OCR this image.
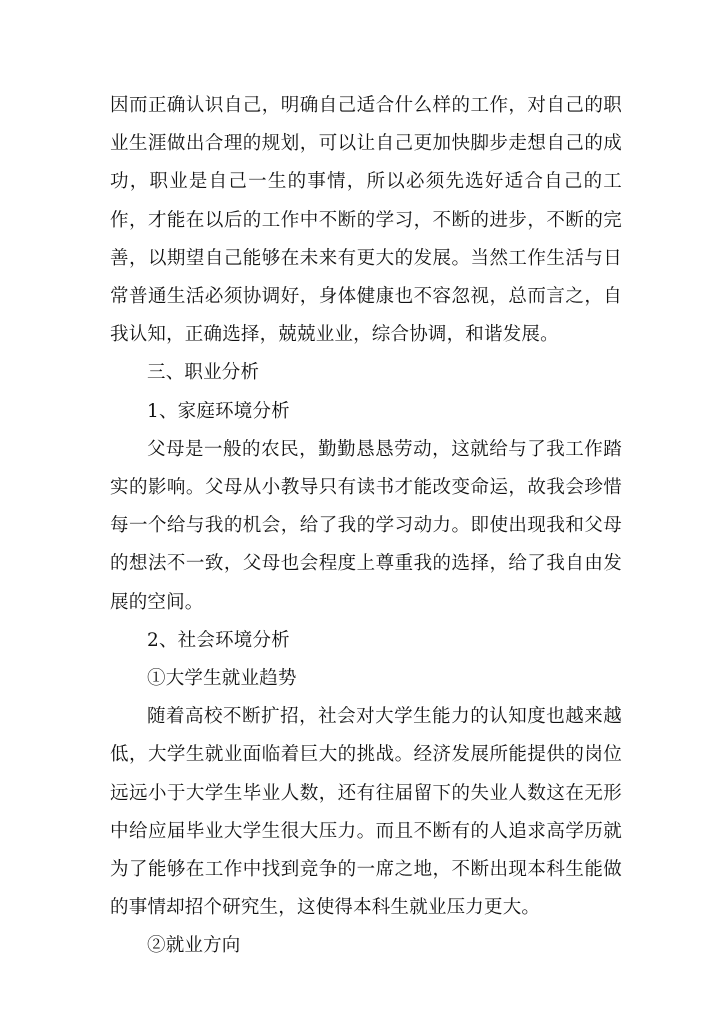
因而正确认识自己，明确自己适合什么样的工作，对自己的职业生涯做出合理的规划，可以让自己更加快脚步走想自己的成功，职业是自己一生的事情，所以必须先选好适合自己的工作，才能在以后的工作中不断的学习，不断的进步，不断的完善，以期望自己能够在未来有更大的发展。当然工作生活与日常普通生活必须协调好，身体健康也不容忽视，总而言之，自我认知，正确选择，兢兢业业，综合协调，和谐发展。

三、职业分析

1、家庭环境分析

父母是一般的农民，勤勤恳恳劳动，这就给与了我工作踏实的影响。父母从小教导只有读书才能改变命运，故我会珍惜每一个给与我的机会，给了我的学习动力。即使出现我和父母的想法不一致，父母也会程度上尊重我的选择，给了我自由发展的空间。

2、社会环境分析

①大学生就业趋势

随着高校不断扩招，社会对大学生能力的认知度也越来越低，大学生就业面临着巨大的挑战。经济发展所能提供的岗位远远小于大学生毕业人数，还有往届留下的失业人数这在无形中给应届毕业大学生很大压力。而且不断有的人追求高学历就为了能够在工作中找到竞争的一席之地，不断出现本科生能做的事情却招个研究生，这使得本科生就业压力更大。

②就业方向
